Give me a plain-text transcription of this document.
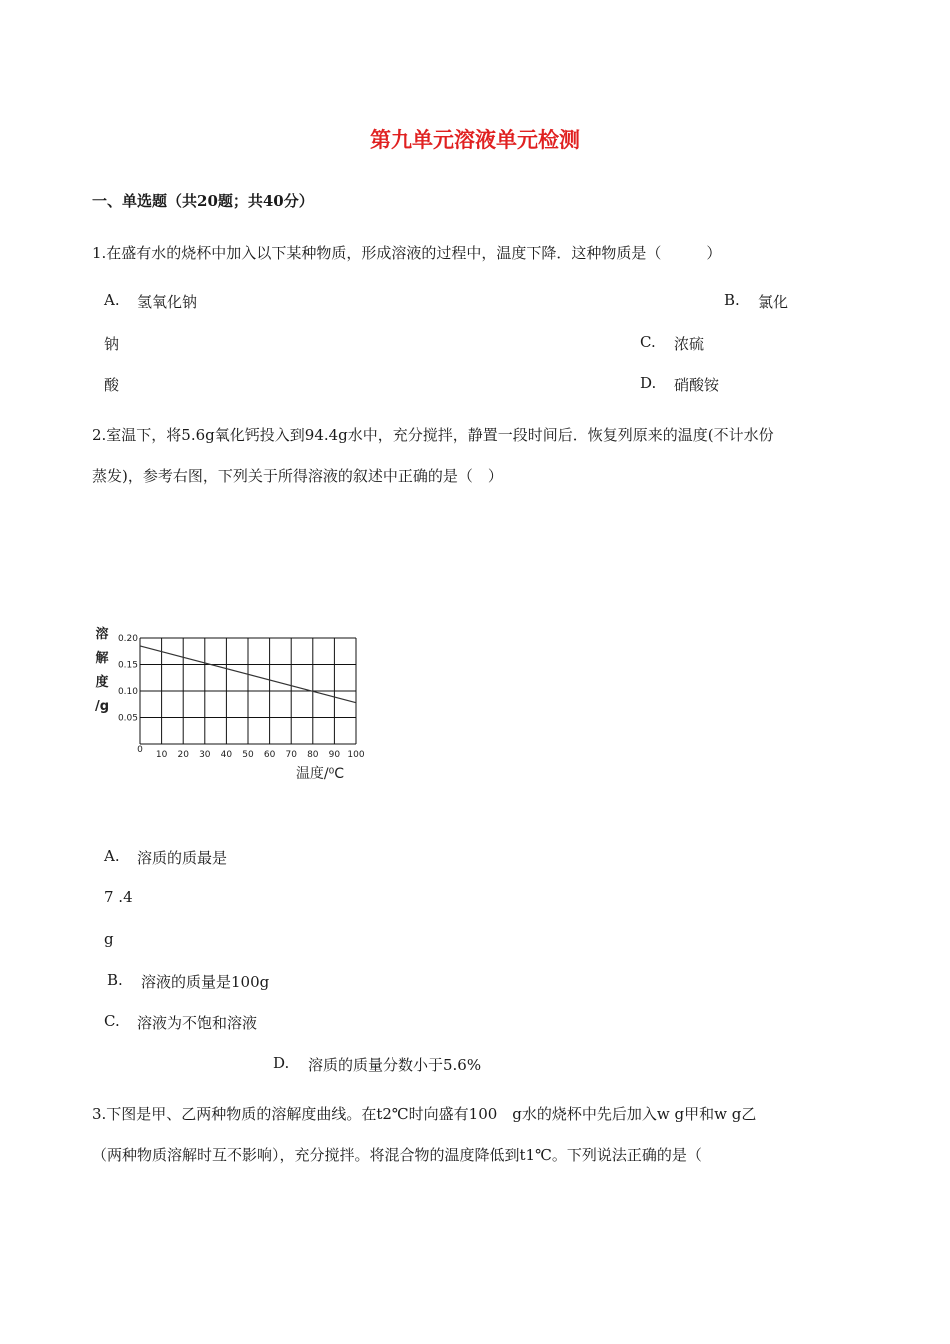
第九单元溶液单元检测
一、单选题（共20题；共40分）
1.在盛有水的烧杯中加入以下某种物质，形成溶液的过程中，温度下降．这种物质是（　　　）
A. 氢氧化钠	B. 氯化
钠	C. 浓硫
酸	D. 硝酸铵
2.室温下，将5.6g氧化钙投入到94.4g水中，充分搅拌，静置一段时间后．恢复列原来的温度(不计水份
蒸发)，参考右图，下列关于所得溶液的叙述中正确的是（　）
10 20 30 40 50 60 70 80 90 100
0
0.20
0.15
0.10
0.05
溶
解
度
/g
温度/⁰C
A. 溶质的质最是
7 .4
g
B. 溶液的质量是100g
C. 溶液为不饱和溶液
D. 溶质的质量分数小于5.6%
3.下图是甲、乙两种物质的溶解度曲线。在t2℃时向盛有100　g水的烧杯中先后加入w g甲和w g乙
（两种物质溶解时互不影响），充分搅拌。将混合物的温度降低到t1℃。下列说法正确的是（
